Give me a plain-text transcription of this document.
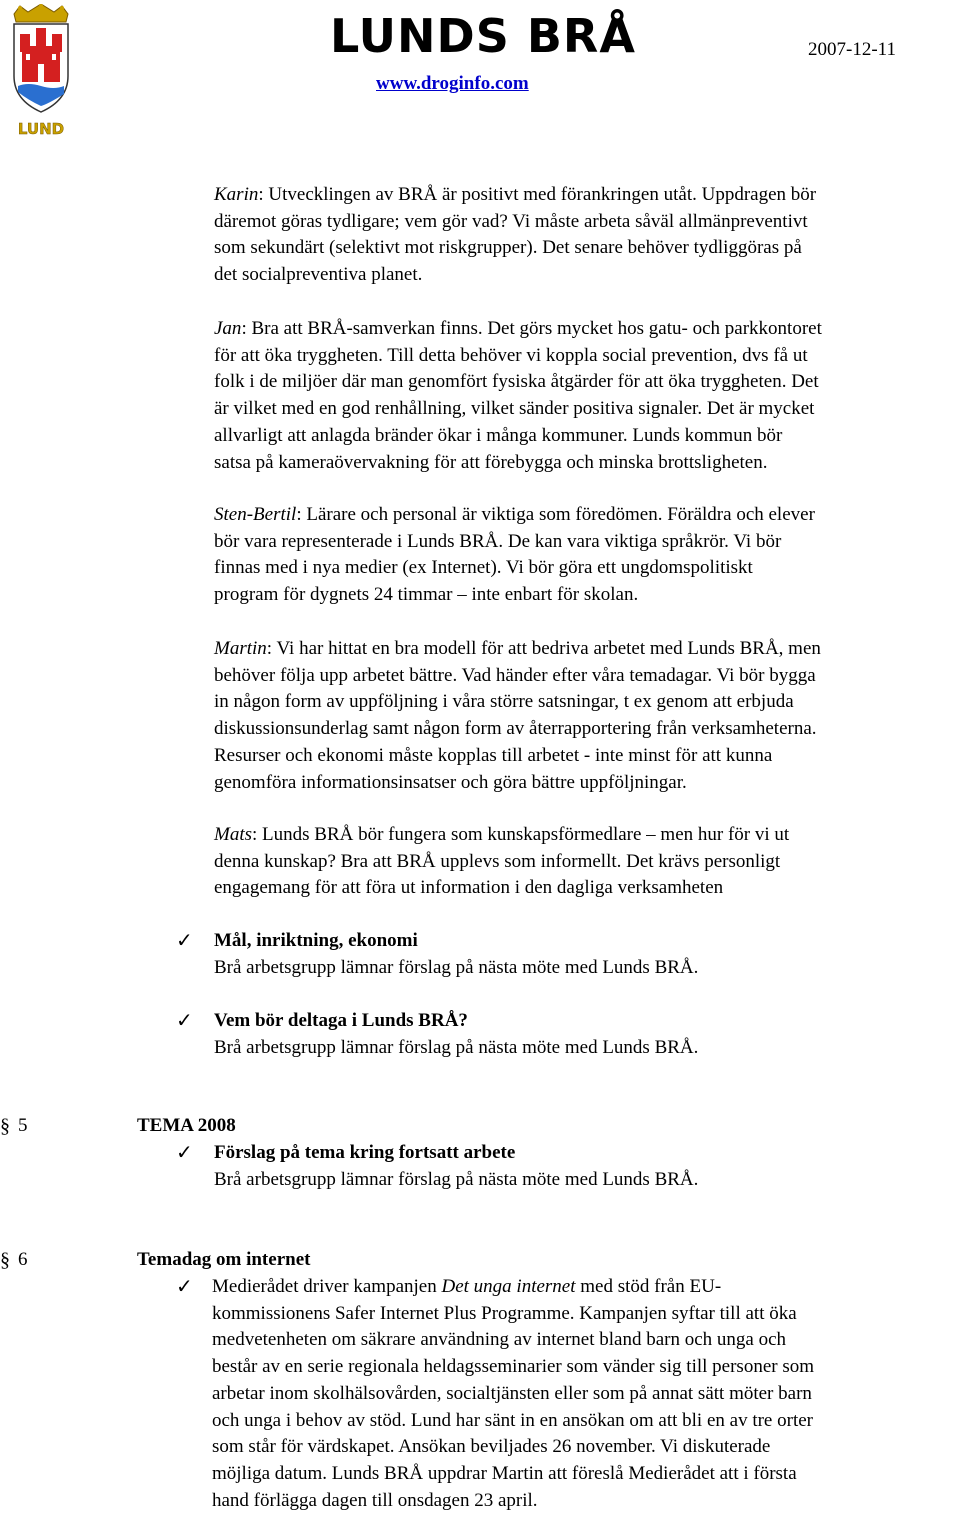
LUND
LUNDS BRÅ	2007-12-11
www.droginfo.com
Karin: Utvecklingen av BRÅ är positivt med förankringen utåt. Uppdragen bör
däremot göras tydligare; vem gör vad? Vi måste arbeta såväl allmänpreventivt
som sekundärt (selektivt mot riskgrupper). Det senare behöver tydliggöras på
det socialpreventiva planet.
Jan: Bra att BRÅ-samverkan finns. Det görs mycket hos gatu- och parkkontoret
för att öka tryggheten. Till detta behöver vi koppla social prevention, dvs få ut
folk i de miljöer där man genomfört fysiska åtgärder för att öka tryggheten. Det
är vilket med en god renhållning, vilket sänder positiva signaler. Det är mycket
allvarligt att anlagda bränder ökar i många kommuner. Lunds kommun bör
satsa på kameraövervakning för att förebygga och minska brottsligheten.
Sten-Bertil: Lärare och personal är viktiga som föredömen. Föräldra och elever
bör vara representerade i Lunds BRÅ. De kan vara viktiga språkrör. Vi bör
finnas med i nya medier (ex Internet). Vi bör göra ett ungdomspolitiskt
program för dygnets 24 timmar – inte enbart för skolan.
Martin: Vi har hittat en bra modell för att bedriva arbetet med Lunds BRÅ, men
behöver följa upp arbetet bättre. Vad händer efter våra temadagar. Vi bör bygga
in någon form av uppföljning i våra större satsningar, t ex genom att erbjuda
diskussionsunderlag samt någon form av återrapportering från verksamheterna.
Resurser och ekonomi måste kopplas till arbetet - inte minst för att kunna
genomföra informationsinsatser och göra bättre uppföljningar.
Mats: Lunds BRÅ bör fungera som kunskapsförmedlare – men hur för vi ut
denna kunskap? Bra att BRÅ upplevs som informellt. Det krävs personligt
engagemang för att föra ut information i den dagliga verksamheten
✓ Mål, inriktning, ekonomi
Brå arbetsgrupp lämnar förslag på nästa möte med Lunds BRÅ.
✓ Vem bör deltaga i Lunds BRÅ?
Brå arbetsgrupp lämnar förslag på nästa möte med Lunds BRÅ.
§ 5	TEMA 2008
✓ Förslag på tema kring fortsatt arbete
Brå arbetsgrupp lämnar förslag på nästa möte med Lunds BRÅ.
§ 6	Temadag om internet
✓ Medierådet driver kampanjen Det unga internet med stöd från EU-
kommissionens Safer Internet Plus Programme. Kampanjen syftar till att öka
medvetenheten om säkrare användning av internet bland barn och unga och
består av en serie regionala heldagsseminarier som vänder sig till personer som
arbetar inom skolhälsovården, socialtjänsten eller som på annat sätt möter barn
och unga i behov av stöd. Lund har sänt in en ansökan om att bli en av tre orter
som står för värdskapet. Ansökan beviljades 26 november. Vi diskuterade
möjliga datum. Lunds BRÅ uppdrar Martin att föreslå Medierådet att i första
hand förlägga dagen till onsdagen 23 april.
